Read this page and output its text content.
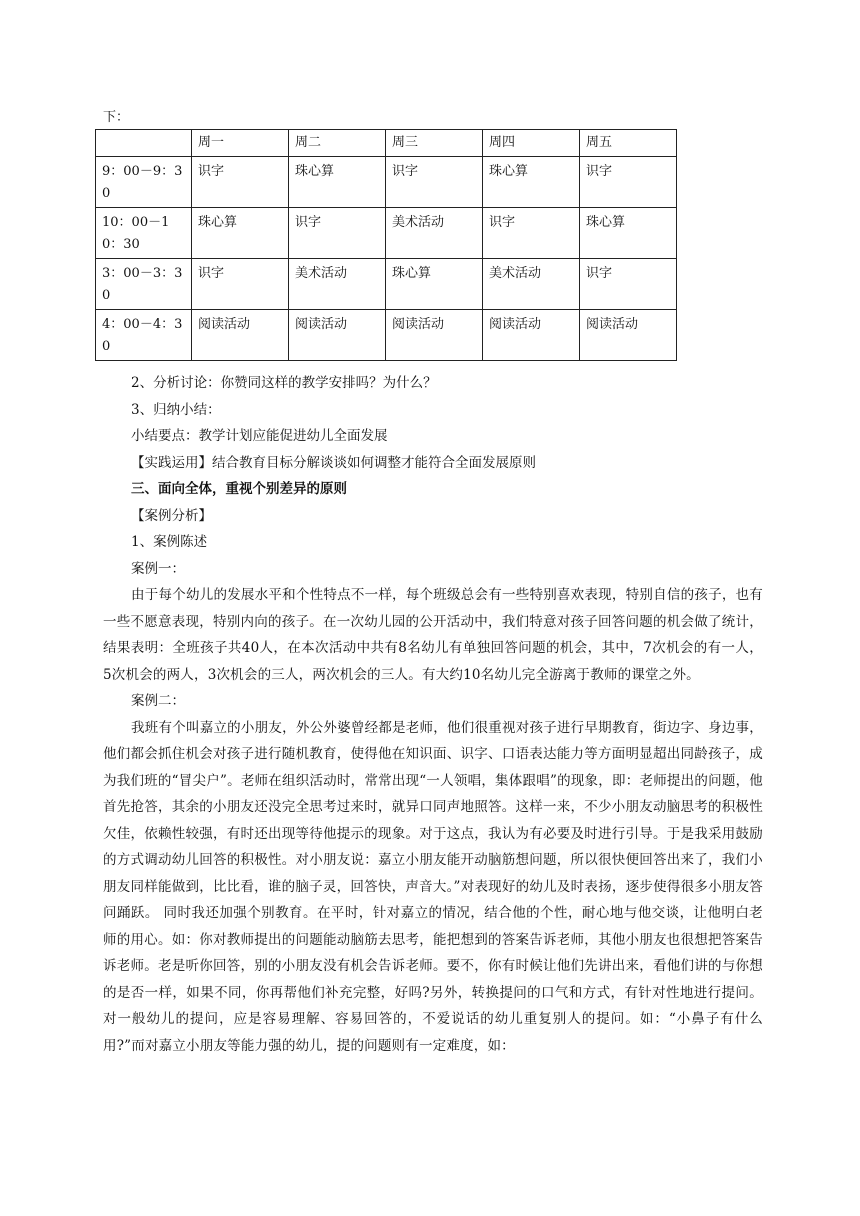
下：

	周一	周二	周三	周四	周五
9：00－9：30	识字	珠心算	识字	珠心算	识字
10：00－10：30	珠心算	识字	美术活动	识字	珠心算
3：00－3：30	识字	美术活动	珠心算	美术活动	识字
4：00－4：30	阅读活动	阅读活动	阅读活动	阅读活动	阅读活动

2、分析讨论：你赞同这样的教学安排吗？为什么？

3、归纳小结：

小结要点：教学计划应能促进幼儿全面发展

【实践运用】结合教育目标分解谈谈如何调整才能符合全面发展原则

三、面向全体，重视个别差异的原则

【案例分析】

1、案例陈述

案例一：

由于每个幼儿的发展水平和个性特点不一样，每个班级总会有一些特别喜欢表现，特别自信的孩子，也有一些不愿意表现，特别内向的孩子。在一次幼儿园的公开活动中，我们特意对孩子回答问题的机会做了统计，结果表明：全班孩子共40人，在本次活动中共有8名幼儿有单独回答问题的机会，其中，7次机会的有一人，5次机会的两人，3次机会的三人，两次机会的三人。有大约10名幼儿完全游离于教师的课堂之外。

案例二：

我班有个叫嘉立的小朋友，外公外婆曾经都是老师，他们很重视对孩子进行早期教育，街边字、身边事，他们都会抓住机会对孩子进行随机教育，使得他在知识面、识字、口语表达能力等方面明显超出同龄孩子，成为我们班的“冒尖户”。老师在组织活动时，常常出现“一人领唱，集体跟唱”的现象，即：老师提出的问题，他首先抢答，其余的小朋友还没完全思考过来时，就异口同声地照答。这样一来，不少小朋友动脑思考的积极性欠佳，依赖性较强，有时还出现等待他提示的现象。对于这点，我认为有必要及时进行引导。于是我采用鼓励的方式调动幼儿回答的积极性。对小朋友说：嘉立小朋友能开动脑筋想问题，所以很快便回答出来了，我们小朋友同样能做到，比比看，谁的脑子灵，回答快，声音大。”对表现好的幼儿及时表扬，逐步使得很多小朋友答问踊跃。 同时我还加强个别教育。在平时，针对嘉立的情况，结合他的个性，耐心地与他交谈，让他明白老师的用心。如：你对教师提出的问题能动脑筋去思考，能把想到的答案告诉老师，其他小朋友也很想把答案告诉老师。老是听你回答，别的小朋友没有机会告诉老师。要不，你有时候让他们先讲出来，看他们讲的与你想的是否一样，如果不同，你再帮他们补充完整，好吗?另外，转换提问的口气和方式，有针对性地进行提问。对一般幼儿的提问，应是容易理解、容易回答的，不爱说话的幼儿重复别人的提问。如：“小鼻子有什么用?”而对嘉立小朋友等能力强的幼儿，提的问题则有一定难度，如：
